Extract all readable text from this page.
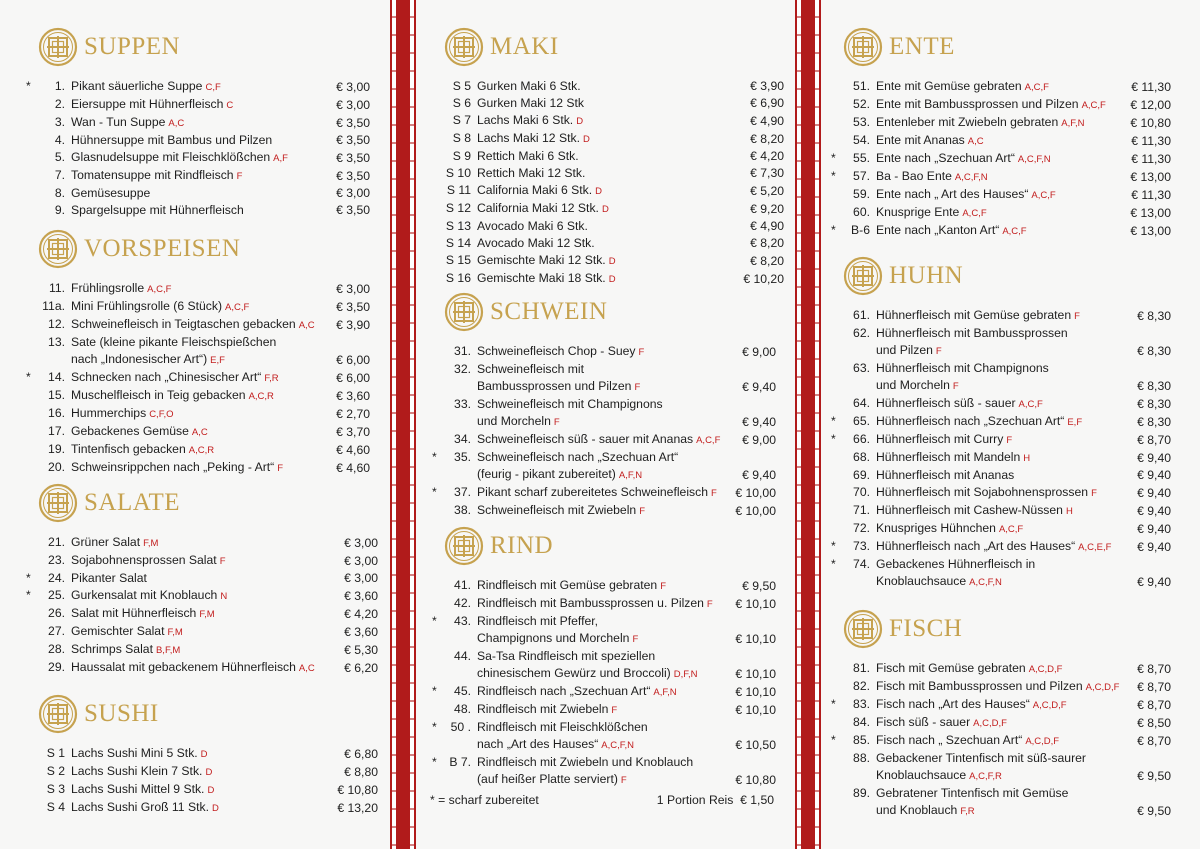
SUPPEN
*	1. Pikant säuerliche Suppe C,F	€ 3,00
2. Eiersuppe mit Hühnerfleisch C	€ 3,00
3. Wan - Tun Suppe A,C	€ 3,50
4. Hühnersuppe mit Bambus und Pilzen	€ 3,50
5. Glasnudelsuppe mit Fleischklößchen A,F	€ 3,50
7. Tomatensuppe mit Rindfleisch F	€ 3,50
8. Gemüsesuppe	€ 3,00
9. Spargelsuppe mit Hühnerfleisch	€ 3,50
VORSPEISEN
11. Frühlingsrolle A,C,F	€ 3,00
11a. Mini Frühlingsrolle (6 Stück) A,C,F	€ 3,50
12. Schweinefleisch in Teigtaschen gebacken A,C	€ 3,90
13. Sate (kleine pikante Fleischspießchen
nach „Indonesischer Art“) E,F	€ 6,00
*	14. Schnecken nach „Chinesischer Art“ F,R	€ 6,00
15. Muschelfleisch in Teig gebacken A,C,R	€ 3,60
16. Hummerchips C,F,O	€ 2,70
17. Gebackenes Gemüse A,C	€ 3,70
19. Tintenfisch gebacken A,C,R	€ 4,60
20. Schweinsrippchen nach „Peking - Art“ F	€ 4,60
SALATE
21. Grüner Salat F,M	€ 3,00
23. Sojabohnensprossen Salat F	€ 3,00
*	24. Pikanter Salat	€ 3,00
*	25. Gurkensalat mit Knoblauch N	€ 3,60
26. Salat mit Hühnerfleisch F,M	€ 4,20
27. Gemischter Salat F,M	€ 3,60
28. Schrimps Salat B,F,M	€ 5,30
29. Haussalat mit gebackenem Hühnerfleisch A,C	€ 6,20
SUSHI
S 1 Lachs Sushi Mini 5 Stk. D	€ 6,80
S 2 Lachs Sushi Klein 7 Stk. D	€ 8,80
S 3 Lachs Sushi Mittel 9 Stk. D	€ 10,80
S 4 Lachs Sushi Groß 11 Stk. D	€ 13,20
MAKI
S 5 Gurken Maki 6 Stk.	€ 3,90
S 6 Gurken Maki 12 Stk	€ 6,90
S 7 Lachs Maki 6 Stk. D	€ 4,90
S 8 Lachs Maki 12 Stk. D	€ 8,20
S 9 Rettich Maki 6 Stk.	€ 4,20
S 10 Rettich Maki 12 Stk.	€ 7,30
S 11 California Maki 6 Stk. D	€ 5,20
S 12 California Maki 12 Stk. D	€ 9,20
S 13 Avocado Maki 6 Stk.	€ 4,90
S 14 Avocado Maki 12 Stk.	€ 8,20
S 15 Gemischte Maki 12 Stk. D	€ 8,20
S 16 Gemischte Maki 18 Stk. D	€ 10,20
SCHWEIN
31. Schweinefleisch Chop - Suey F	€ 9,00
32. Schweinefleisch mit
Bambussprossen und Pilzen F	€ 9,40
33. Schweinefleisch mit Champignons
und Morcheln F	€ 9,40
34. Schweinefleisch süß - sauer mit Ananas A,C,F	€ 9,00
*	35. Schweinefleisch nach „Szechuan Art“
(feurig - pikant zubereitet) A,F,N	€ 9,40
*	37. Pikant scharf zubereitetes Schweinefleisch F	€ 10,00
38. Schweinefleisch mit Zwiebeln F	€ 10,00
RIND
41. Rindfleisch mit Gemüse gebraten F	€ 9,50
42. Rindfleisch mit Bambussprossen u. Pilzen F	€ 10,10
*	43. Rindfleisch mit Pfeffer,
Champignons und Morcheln F	€ 10,10
44. Sa-Tsa Rindfleisch mit speziellen
chinesischem Gewürz und Broccoli) D,F,N	€ 10,10
*	45. Rindfleisch nach „Szechuan Art“ A,F,N	€ 10,10
48. Rindfleisch mit Zwiebeln F	€ 10,10
*	50 . Rindfleisch mit Fleischklößchen
nach „Art des Hauses“ A,C,F,N	€ 10,50
*	B 7. Rindfleisch mit Zwiebeln und Knoblauch
(auf heißer Platte serviert) F	€ 10,80
* = scharf zubereitet	1 Portion Reis € 1,50
ENTE
51. Ente mit Gemüse gebraten A,C,F	€ 11,30
52. Ente mit Bambussprossen und Pilzen A,C,F	€ 12,00
53. Entenleber mit Zwiebeln gebraten A,F,N	€ 10,80
54. Ente mit Ananas A,C	€ 11,30
*	55. Ente nach „Szechuan Art“ A,C,F,N	€ 11,30
*	57. Ba - Bao Ente A,C,F,N	€ 13,00
59. Ente nach „ Art des Hauses“ A,C,F	€ 11,30
60. Knusprige Ente A,C,F	€ 13,00
*	B-6 Ente nach „Kanton Art“ A,C,F	€ 13,00
HUHN
61. Hühnerfleisch mit Gemüse gebraten F	€ 8,30
62. Hühnerfleisch mit Bambussprossen
und Pilzen F	€ 8,30
63. Hühnerfleisch mit Champignons
und Morcheln F	€ 8,30
64. Hühnerfleisch süß - sauer A,C,F	€ 8,30
*	65. Hühnerfleisch nach „Szechuan Art“ E,F	€ 8,30
*	66. Hühnerfleisch mit Curry F	€ 8,70
68. Hühnerfleisch mit Mandeln H	€ 9,40
69. Hühnerfleisch mit Ananas	€ 9,40
70. Hühnerfleisch mit Sojabohnensprossen F	€ 9,40
71. Hühnerfleisch mit Cashew-Nüssen H	€ 9,40
72. Knuspriges Hühnchen A,C,F	€ 9,40
*	73. Hühnerfleisch nach „Art des Hauses“ A,C,E,F	€ 9,40
*	74. Gebackenes Hühnerfleisch in
Knoblauchsauce A,C,F,N	€ 9,40
FISCH
81. Fisch mit Gemüse gebraten A,C,D,F	€ 8,70
82. Fisch mit Bambussprossen und Pilzen A,C,D,F	€ 8,70
*	83. Fisch nach „Art des Hauses“ A,C,D,F	€ 8,70
84. Fisch süß - sauer A,C,D,F	€ 8,50
*	85. Fisch nach „ Szechuan Art“ A,C,D,F	€ 8,70
88. Gebackener Tintenfisch mit süß-saurer
Knoblauchsauce A,C,F,R	€ 9,50
89. Gebratener Tintenfisch mit Gemüse
und Knoblauch F,R	€ 9,50
